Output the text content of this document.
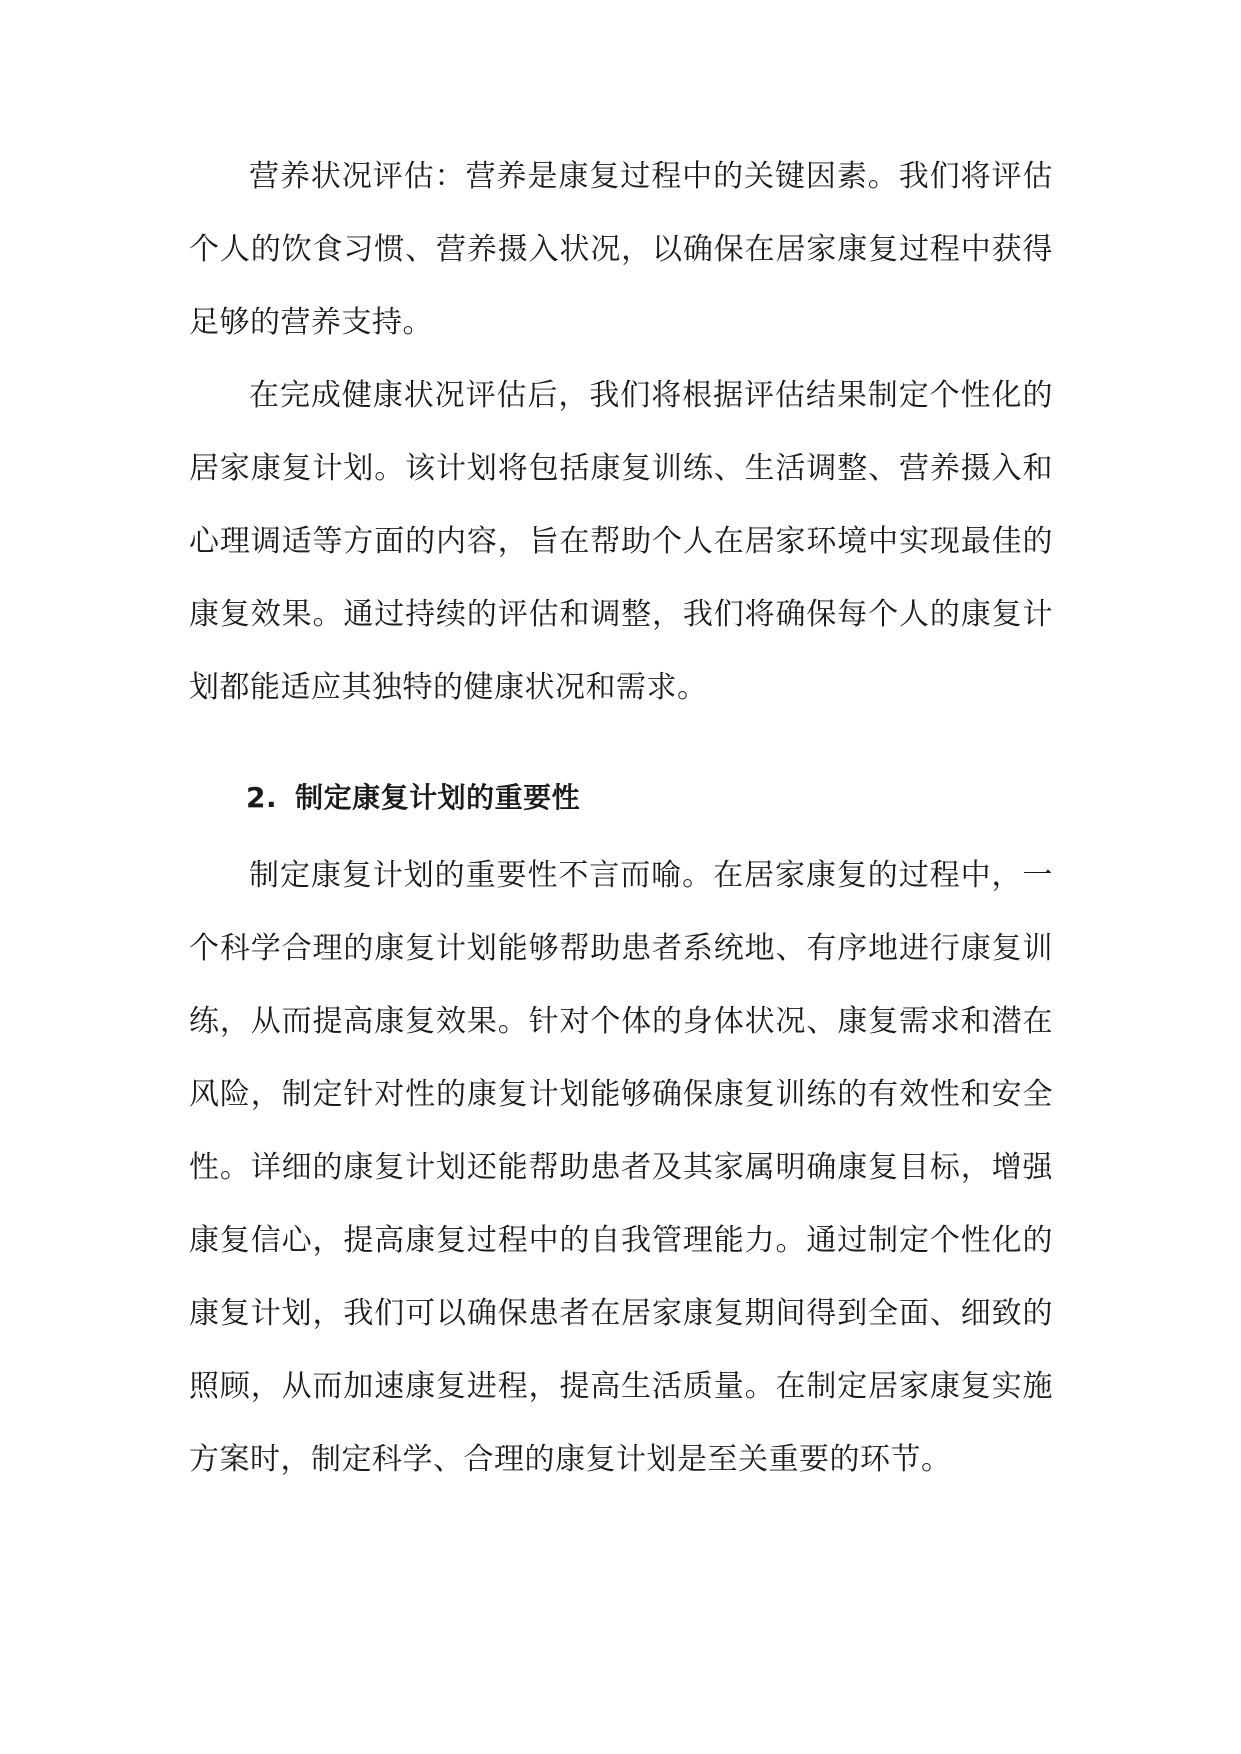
营养状况评估：营养是康复过程中的关键因素。我们将评估个人的饮食习惯、营养摄入状况，以确保在居家康复过程中获得足够的营养支持。

在完成健康状况评估后，我们将根据评估结果制定个性化的居家康复计划。该计划将包括康复训练、生活调整、营养摄入和心理调适等方面的内容，旨在帮助个人在居家环境中实现最佳的康复效果。通过持续的评估和调整，我们将确保每个人的康复计划都能适应其独特的健康状况和需求。

2. 制定康复计划的重要性

制定康复计划的重要性不言而喻。在居家康复的过程中，一个科学合理的康复计划能够帮助患者系统地、有序地进行康复训练，从而提高康复效果。针对个体的身体状况、康复需求和潜在风险，制定针对性的康复计划能够确保康复训练的有效性和安全性。详细的康复计划还能帮助患者及其家属明确康复目标，增强康复信心，提高康复过程中的自我管理能力。通过制定个性化的康复计划，我们可以确保患者在居家康复期间得到全面、细致的照顾，从而加速康复进程，提高生活质量。在制定居家康复实施方案时，制定科学、合理的康复计划是至关重要的环节。
